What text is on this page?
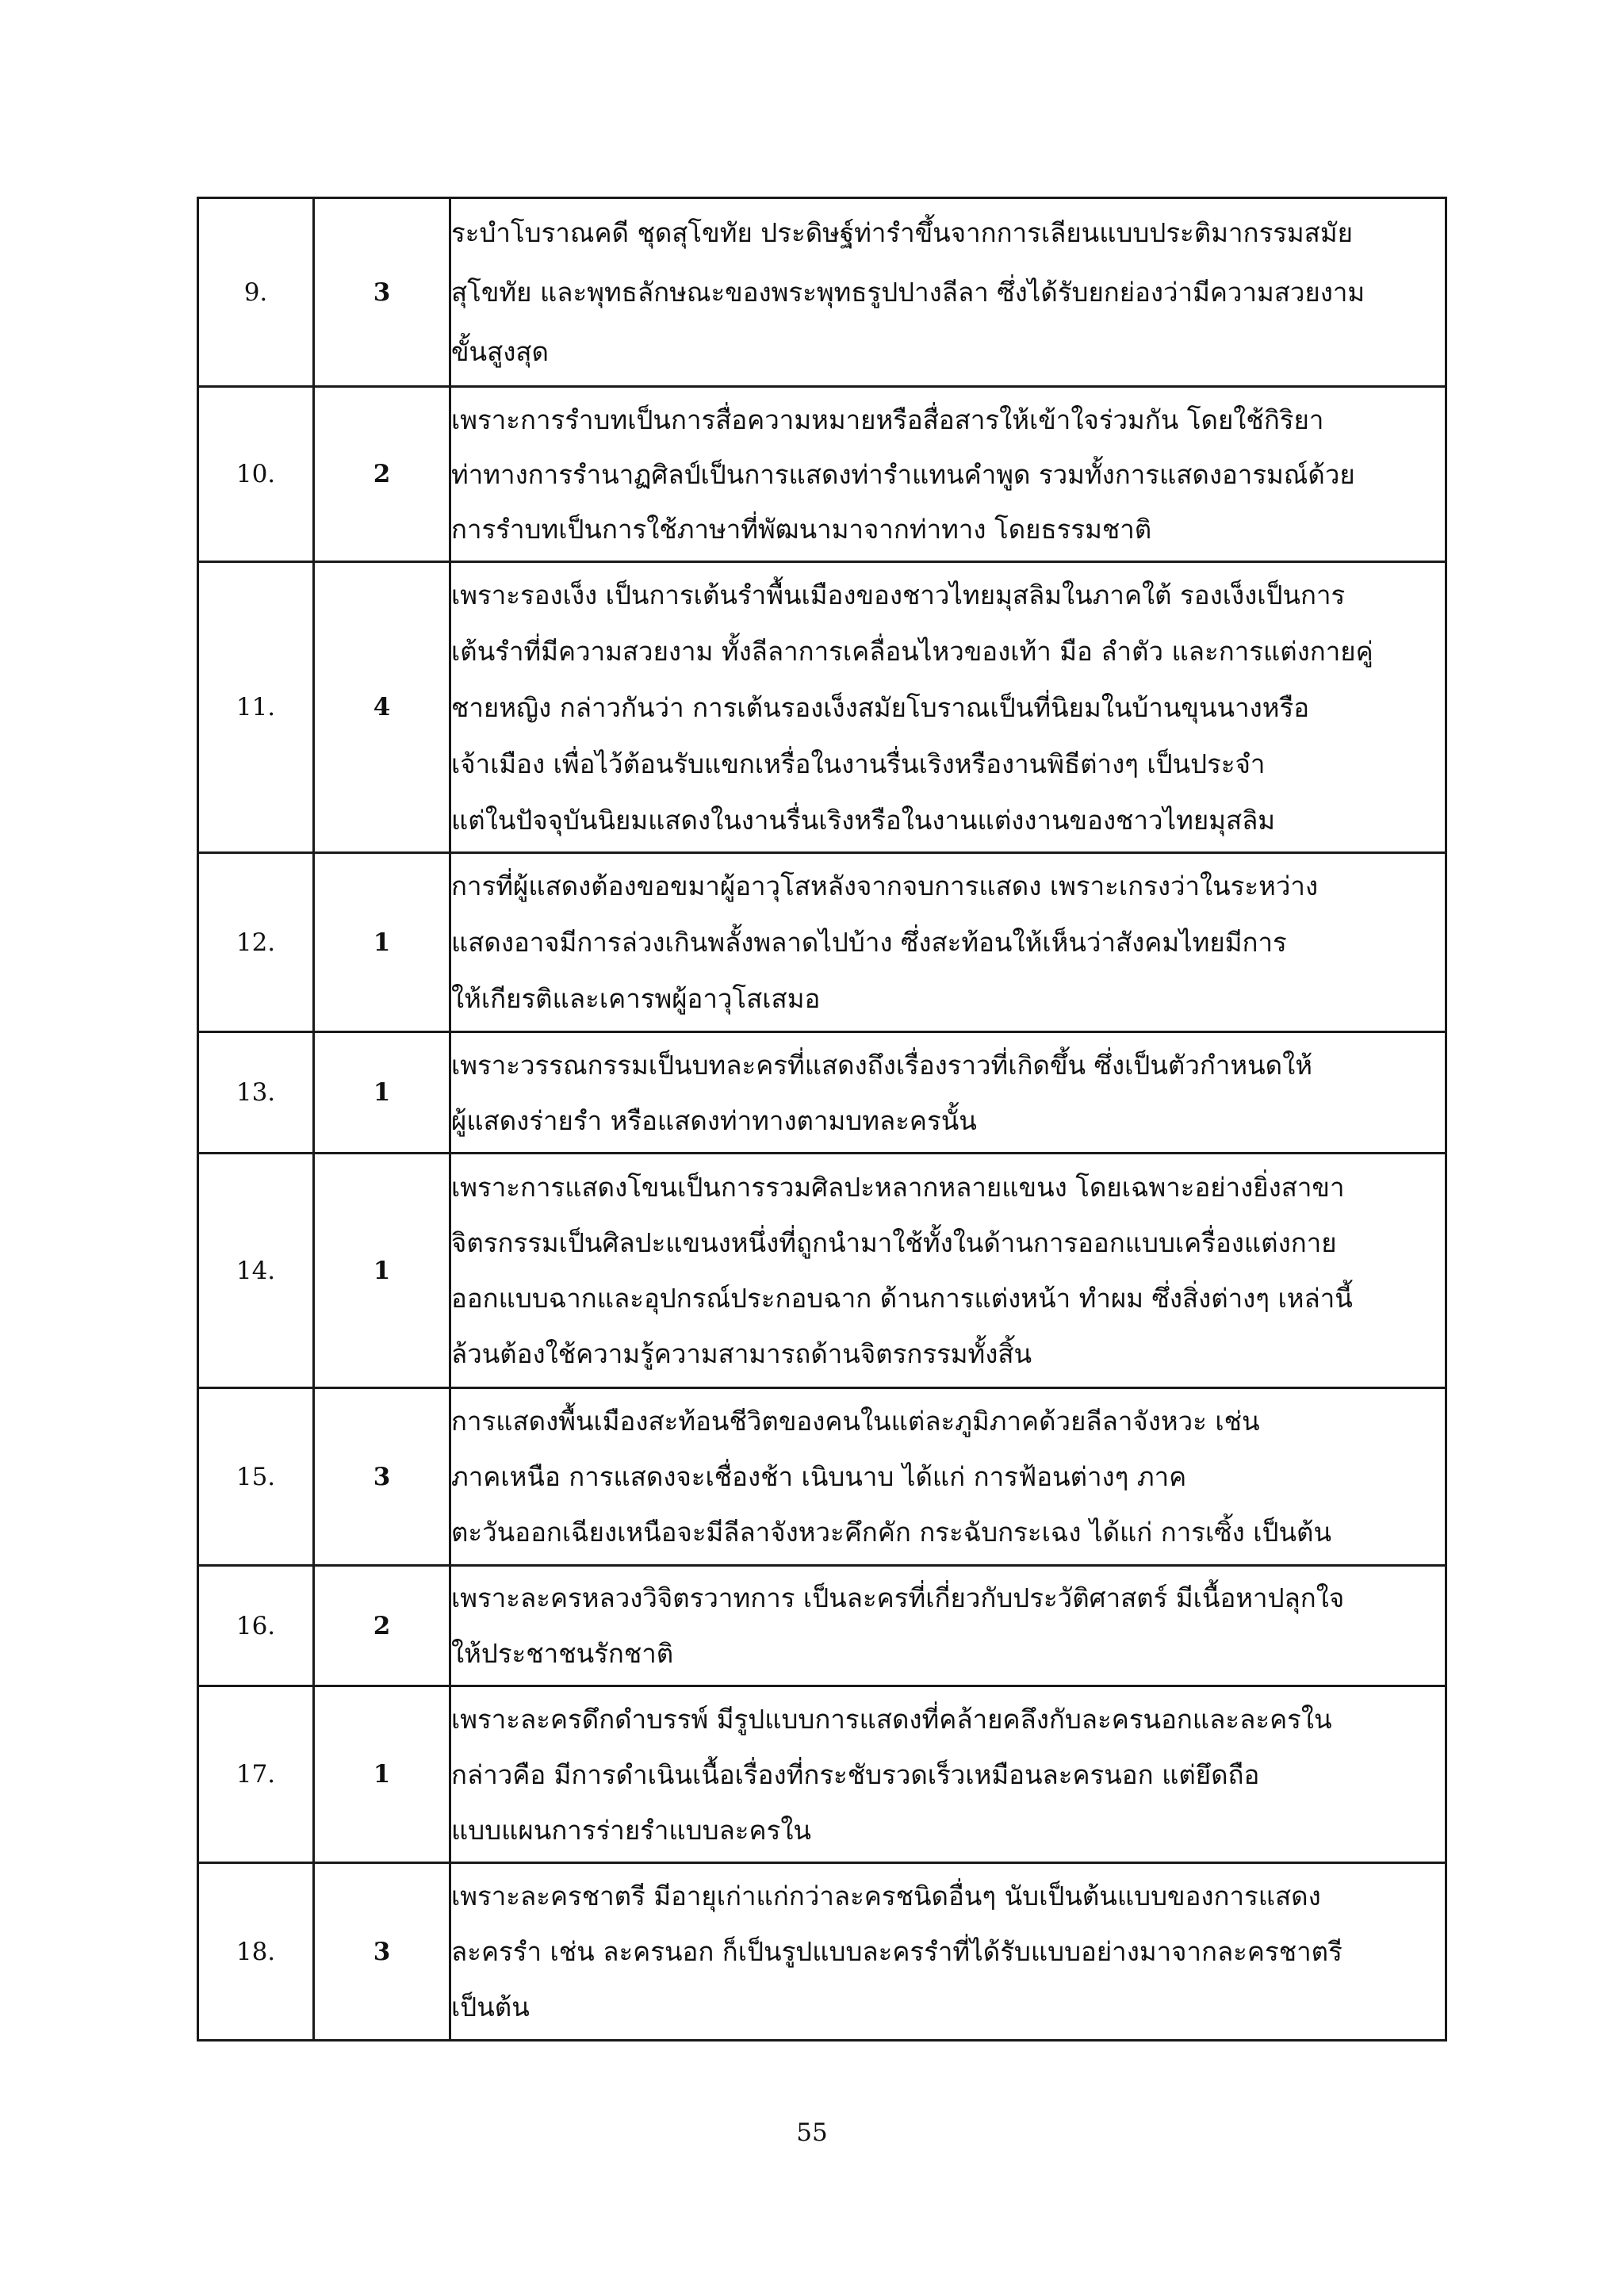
9.	3	ระบำโบราณคดี ชุดสุโขทัย ประดิษฐ์ท่ารำขึ้นจากการเลียนแบบประติมากรรมสมัย
สุโขทัย และพุทธลักษณะของพระพุทธรูปปางลีลา ซึ่งได้รับยกย่องว่ามีความสวยงาม
ขั้นสูงสุด

10.	2	เพราะการรำบทเป็นการสื่อความหมายหรือสื่อสารให้เข้าใจร่วมกัน โดยใช้กิริยา
ท่าทางการรำนาฏศิลป์เป็นการแสดงท่ารำแทนคำพูด รวมทั้งการแสดงอารมณ์ด้วย
การรำบทเป็นการใช้ภาษาที่พัฒนามาจากท่าทาง โดยธรรมชาติ

11.	4	เพราะรองเง็ง เป็นการเต้นรำพื้นเมืองของชาวไทยมุสลิมในภาคใต้ รองเง็งเป็นการ
เต้นรำที่มีความสวยงาม ทั้งลีลาการเคลื่อนไหวของเท้า มือ ลำตัว และการแต่งกายคู่
ชายหญิง กล่าวกันว่า การเต้นรองเง็งสมัยโบราณเป็นที่นิยมในบ้านขุนนางหรือ
เจ้าเมือง เพื่อไว้ต้อนรับแขกเหรื่อในงานรื่นเริงหรืองานพิธีต่างๆ เป็นประจำ
แต่ในปัจจุบันนิยมแสดงในงานรื่นเริงหรือในงานแต่งงานของชาวไทยมุสลิม

12.	1	การที่ผู้แสดงต้องขอขมาผู้อาวุโสหลังจากจบการแสดง เพราะเกรงว่าในระหว่าง
แสดงอาจมีการล่วงเกินพลั้งพลาดไปบ้าง ซึ่งสะท้อนให้เห็นว่าสังคมไทยมีการ
ให้เกียรติและเคารพผู้อาวุโสเสมอ

13.	1	เพราะวรรณกรรมเป็นบทละครที่แสดงถึงเรื่องราวที่เกิดขึ้น ซึ่งเป็นตัวกำหนดให้
ผู้แสดงร่ายรำ หรือแสดงท่าทางตามบทละครนั้น

14.	1	เพราะการแสดงโขนเป็นการรวมศิลปะหลากหลายแขนง โดยเฉพาะอย่างยิ่งสาขา
จิตรกรรมเป็นศิลปะแขนงหนึ่งที่ถูกนำมาใช้ทั้งในด้านการออกแบบเครื่องแต่งกาย
ออกแบบฉากและอุปกรณ์ประกอบฉาก ด้านการแต่งหน้า ทำผม ซึ่งสิ่งต่างๆ เหล่านี้
ล้วนต้องใช้ความรู้ความสามารถด้านจิตรกรรมทั้งสิ้น

15.	3	การแสดงพื้นเมืองสะท้อนชีวิตของคนในแต่ละภูมิภาคด้วยลีลาจังหวะ เช่น
ภาคเหนือ การแสดงจะเชื่องช้า เนิบนาบ ได้แก่ การฟ้อนต่างๆ ภาค
ตะวันออกเฉียงเหนือจะมีลีลาจังหวะคึกคัก กระฉับกระเฉง ได้แก่ การเซิ้ง เป็นต้น

16.	2	เพราะละครหลวงวิจิตรวาทการ เป็นละครที่เกี่ยวกับประวัติศาสตร์ มีเนื้อหาปลุกใจ
ให้ประชาชนรักชาติ

17.	1	เพราะละครดึกดำบรรพ์ มีรูปแบบการแสดงที่คล้ายคลึงกับละครนอกและละครใน
กล่าวคือ มีการดำเนินเนื้อเรื่องที่กระชับรวดเร็วเหมือนละครนอก แต่ยึดถือ
แบบแผนการร่ายรำแบบละครใน

18.	3	เพราะละครชาตรี มีอายุเก่าแก่กว่าละครชนิดอื่นๆ นับเป็นต้นแบบของการแสดง
ละครรำ เช่น ละครนอก ก็เป็นรูปแบบละครรำที่ได้รับแบบอย่างมาจากละครชาตรี
เป็นต้น
55
